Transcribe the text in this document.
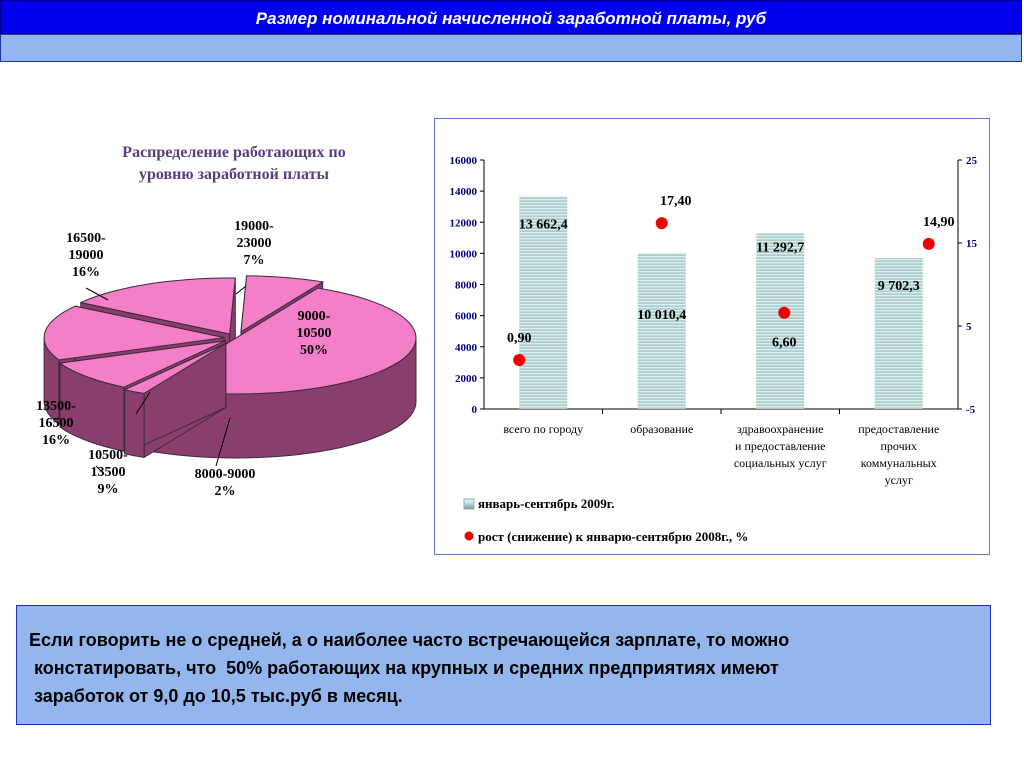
Размер номинальной начисленной заработной платы, руб
Распределение работающих по
уровню заработной платы
9000-
10500
50%
8000-9000
2%
10500-
13500
9%
13500-
16500
16%
16500-
19000
16%
19000-
23000
7%
0
2000
4000
6000
8000
10000
12000
14000
16000
-5
5
15
25
13 662,4
0,90
всего по городу
10 010,4
17,40
образование
11 292,7
6,60
здравоохранение
и предоставление
социальных услуг
9 702,3
14,90
предоставление
прочих
коммунальных
услуг
январь-сентябрь 2009г.
рост (снижение) к январю-сентябрю 2008г., %
Если говорить не о средней, а о наиболее часто встречающейся зарплате, то можно
констатировать, что  50% работающих на крупных и средних предприятиях имеют
заработок от 9,0 до 10,5 тыс.руб в месяц.
